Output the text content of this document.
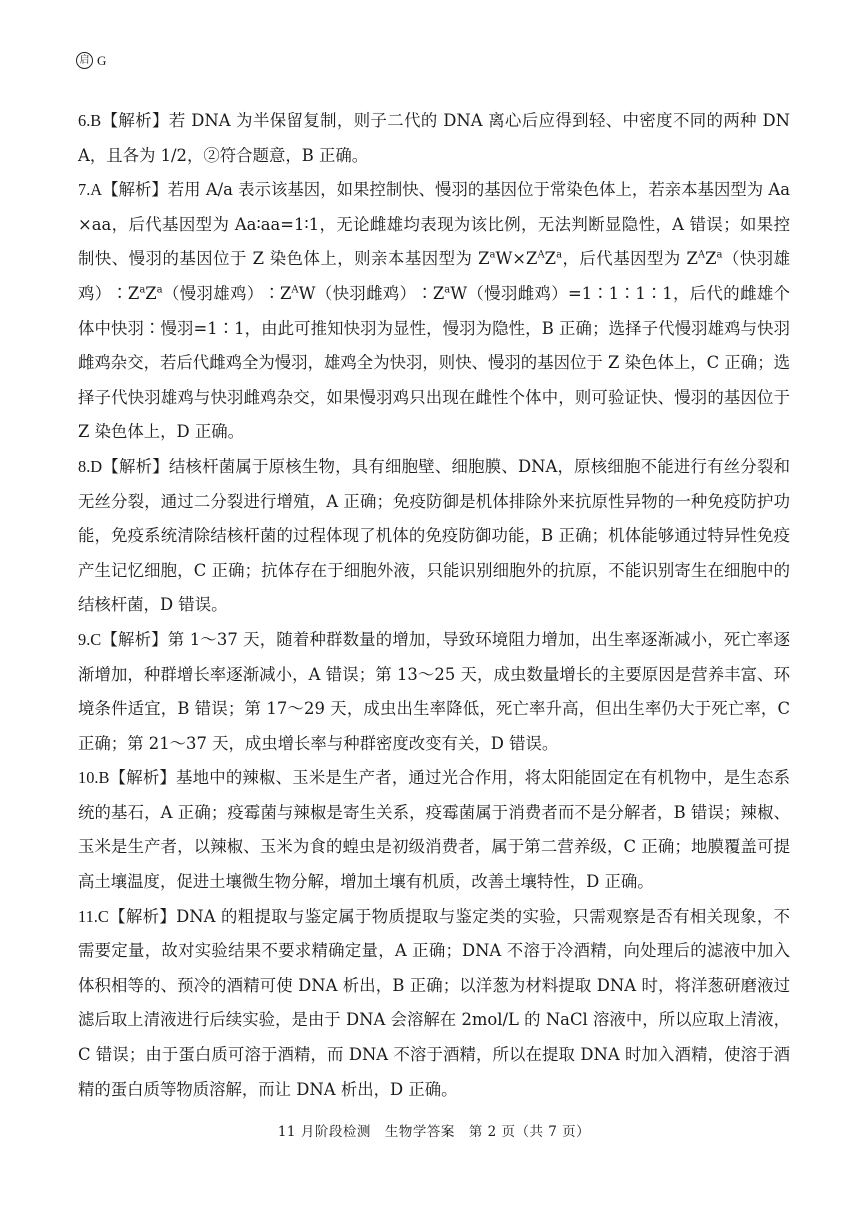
启 G

6.B【解析】若 DNA 为半保留复制，则子二代的 DNA 离心后应得到轻、中密度不同的两种 DNA，且各为 1/2，②符合题意，B 正确。

7.A【解析】若用 A/a 表示该基因，如果控制快、慢羽的基因位于常染色体上，若亲本基因型为 Aa×aa，后代基因型为 Aa∶aa=1∶1，无论雌雄均表现为该比例，无法判断显隐性，A 错误；如果控制快、慢羽的基因位于 Z 染色体上，则亲本基因型为 $Z^aW\times Z^AZ^a$，后代基因型为 $Z^AZ^a$（快羽雄鸡）$∶Z^aZ^a$（慢羽雄鸡）$∶Z^AW$（快羽雌鸡）$∶Z^aW$（慢羽雌鸡）=1∶1∶1∶1，后代的雌雄个体中快羽∶慢羽=1∶1，由此可推知快羽为显性，慢羽为隐性，B 正确；选择子代慢羽雄鸡与快羽雌鸡杂交，若后代雌鸡全为慢羽，雄鸡全为快羽，则快、慢羽的基因位于 Z 染色体上，C 正确；选择子代快羽雄鸡与快羽雌鸡杂交，如果慢羽鸡只出现在雌性个体中，则可验证快、慢羽的基因位于 Z 染色体上，D 正确。

8.D【解析】结核杆菌属于原核生物，具有细胞壁、细胞膜、DNA，原核细胞不能进行有丝分裂和无丝分裂，通过二分裂进行增殖，A 正确；免疫防御是机体排除外来抗原性异物的一种免疫防护功能，免疫系统清除结核杆菌的过程体现了机体的免疫防御功能，B 正确；机体能够通过特异性免疫产生记忆细胞，C 正确；抗体存在于细胞外液，只能识别细胞外的抗原，不能识别寄生在细胞中的结核杆菌，D 错误。

9.C【解析】第 1～37 天，随着种群数量的增加，导致环境阻力增加，出生率逐渐减小，死亡率逐渐增加，种群增长率逐渐减小，A 错误；第 13～25 天，成虫数量增长的主要原因是营养丰富、环境条件适宜，B 错误；第 17～29 天，成虫出生率降低，死亡率升高，但出生率仍大于死亡率，C 正确；第 21～37 天，成虫增长率与种群密度改变有关，D 错误。

10.B【解析】基地中的辣椒、玉米是生产者，通过光合作用，将太阳能固定在有机物中，是生态系统的基石，A 正确；疫霉菌与辣椒是寄生关系，疫霉菌属于消费者而不是分解者，B 错误；辣椒、玉米是生产者，以辣椒、玉米为食的蝗虫是初级消费者，属于第二营养级，C 正确；地膜覆盖可提高土壤温度，促进土壤微生物分解，增加土壤有机质，改善土壤特性，D 正确。

11.C【解析】DNA 的粗提取与鉴定属于物质提取与鉴定类的实验，只需观察是否有相关现象，不需要定量，故对实验结果不要求精确定量，A 正确；DNA 不溶于冷酒精，向处理后的滤液中加入体积相等的、预冷的酒精可使 DNA 析出，B 正确；以洋葱为材料提取 DNA 时，将洋葱研磨液过滤后取上清液进行后续实验，是由于 DNA 会溶解在 2mol/L 的 NaCl 溶液中，所以应取上清液，C 错误；由于蛋白质可溶于酒精，而 DNA 不溶于酒精，所以在提取 DNA 时加入酒精，使溶于酒精的蛋白质等物质溶解，而让 DNA 析出，D 正确。

11 月阶段检测　生物学答案　第 2 页（共 7 页）
